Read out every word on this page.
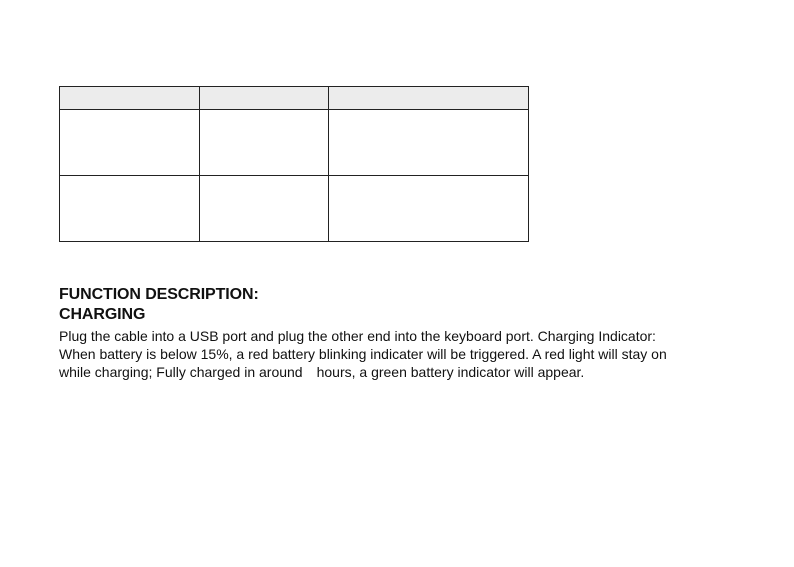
FUNCTION DESCRIPTION:
CHARGING

Plug the cable into a USB port and plug the other end into the keyboard port. Charging Indicator:
When battery is below 15%, a red battery blinking indicater will be triggered. A red light will stay on
while charging; Fully charged in around hours, a green battery indicator will appear.
